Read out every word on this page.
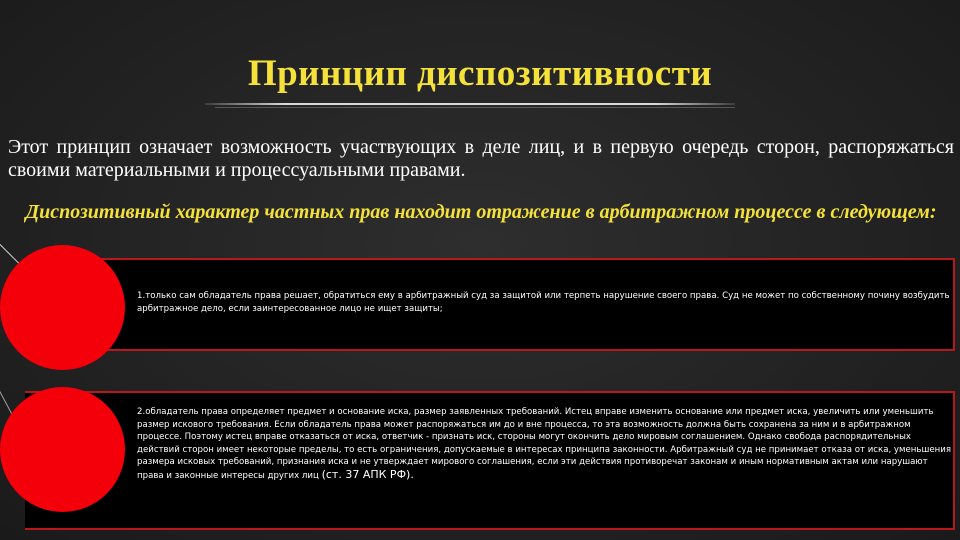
Принцип диспозитивности

Этот принцип означает возможность участвующих в деле лиц, и в первую очередь сторон, распоряжаться своими материальными и процессуальными правами.

Диспозитивный характер частных прав находит отражение в арбитражном процессе в следующем:

1.только сам обладатель права решает, обратиться ему в арбитражный суд за защитой или терпеть нарушение своего права. Суд не может по собственному почину возбудить арбитражное дело, если заинтересованное лицо не ищет защиты;

2.обладатель права определяет предмет и основание иска, размер заявленных требований. Истец вправе изменить основание или предмет иска, увеличить или уменьшить размер искового требования. Если обладатель права может распоряжаться им до и вне процесса, то эта возможность должна быть сохранена за ним и в арбитражном процессе. Поэтому истец вправе отказаться от иска, ответчик - признать иск, стороны могут окончить дело мировым соглашением. Однако свобода распорядительных действий сторон имеет некоторые пределы, то есть ограничения, допускаемые в интересах принципа законности. Арбитражный суд не принимает отказа от иска, уменьшения размера исковых требований, признания иска и не утверждает мирового соглашения, если эти действия противоречат законам и иным нормативным актам или нарушают права и законные интересы других лиц (ст. 37 АПК РФ).
